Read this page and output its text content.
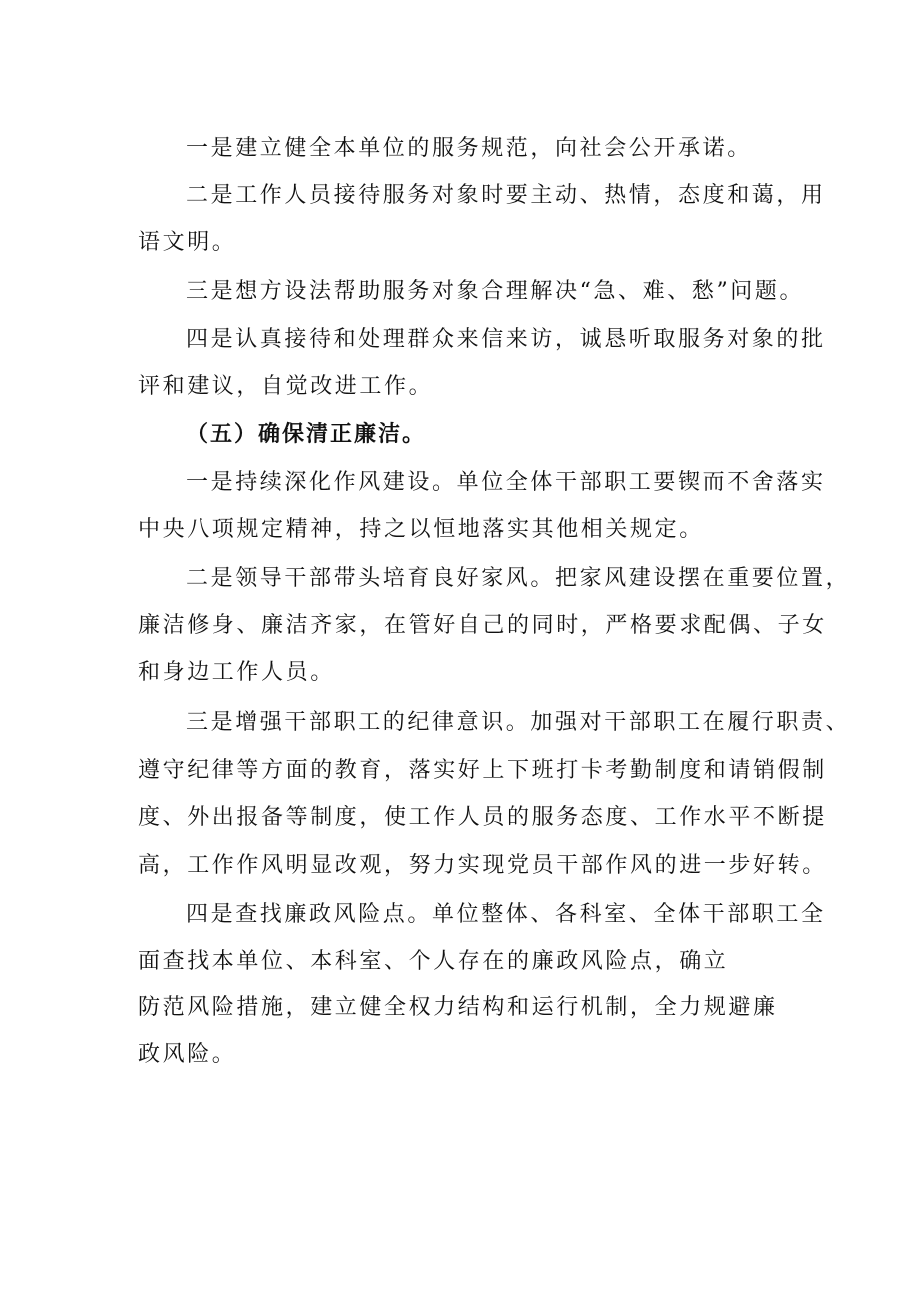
一是建立健全本单位的服务规范，向社会公开承诺。
二是工作人员接待服务对象时要主动、热情，态度和蔼，用
语文明。
三是想方设法帮助服务对象合理解决“急、难、愁”问题。
四是认真接待和处理群众来信来访，诚恳听取服务对象的批
评和建议，自觉改进工作。
（五）确保清正廉洁。
一是持续深化作风建设。单位全体干部职工要锲而不舍落实
中央八项规定精神，持之以恒地落实其他相关规定。
二是领导干部带头培育良好家风。把家风建设摆在重要位置，
廉洁修身、廉洁齐家，在管好自己的同时，严格要求配偶、子女
和身边工作人员。
三是增强干部职工的纪律意识。加强对干部职工在履行职责、
遵守纪律等方面的教育，落实好上下班打卡考勤制度和请销假制
度、外出报备等制度，使工作人员的服务态度、工作水平不断提
高，工作作风明显改观，努力实现党员干部作风的进一步好转。
四是查找廉政风险点。单位整体、各科室、全体干部职工全
面查找本单位、本科室、个人存在的廉政风险点，确立
防范风险措施，建立健全权力结构和运行机制，全力规避廉
政风险。
